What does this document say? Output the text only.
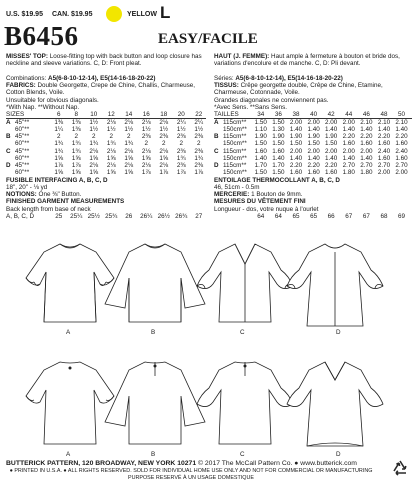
U.S. $19.95 CAN. $19.95	YELLOW L
B6456	EASY/FACILE
MISSES' TOP: Loose-fitting top with back button and loop closure has neckline and sleeve variations. C, D: Front pleat.
Combinations: A5(6-8-10-12-14), E5(14-16-18-20-22)
FABRICS: Double Georgette, Crepe de Chine, Challis, Charmeuse, Cotton Blends, Voile.
Unsuitable for obvious diagonals.
*With Nap. **Without Nap.
SIZES	6	8	10	12	14	16	18	20	22
A 45"**	1⅜	1⅜	1½	2⅛	2⅛	2⅛	2⅛	2¼	2¼
60"**	1¼	1⅜	1½	1½	1½	1½	1½	1½	1½
B 45"**	2	2	2	2	2	2⅜	2⅜	2⅜	2⅜
60"**	1¾	1¾	1¾	1¾	1¾	2	2	2	2
C 45"**	1¾	1¾	2⅛	2⅛	2⅛	2⅛	2⅛	2⅜	2⅜
60"**	1⅝	1⅝	1⅝	1⅝	1⅝	1⅝	1⅝	1¾	1¾
D 45"**	1⅞	1⅞	2⅛	2⅛	2⅛	2⅛	2⅛	2⅜	2⅜
60"**	1⅝	1⅝	1⅝	1⅝	1⅝	1⅞	1⅞	1⅞	1⅞
FUSIBLE INTERFACING A, B, C, D
18", 20" - ⅛ yd
NOTIONS: One ⅜" Button.
FINISHED GARMENT MEASUREMENTS
Back length from base of neck
A, B, C, D	25	25¼ 25½ 25¾	26	26¼ 26½ 26¾	27
HAUT (J. FEMME): Haut ample à fermeture à bouton et bride dos, variations d'encolure et de manche. C, D: Pli devant.
Séries: A5(6-8-10-12-14), E5(14-16-18-20-22)
TISSUS: Crêpe georgette double, Crêpe de Chine, Etamine, Charmeuse, Cotonnade, Voile.
Grandes diagonales ne conviennent pas.
*Avec Sens. **Sans Sens.
TAILLES	34	36	38	40	42	44	46	48	50
A 115cm**	1.50 1.50 2.00 2.00 2.00 2.00 2.10 2.10 2.10
150cm**	1.10 1.30 1.40 1.40 1.40 1.40 1.40 1.40 1.40
B 115cm**	1.90 1.90 1.90 1.90 1.90 2.20 2.20 2.20 2.20
150cm**	1.50 1.50 1.50 1.50 1.50 1.60 1.60 1.60 1.60
C 115cm**	1.60 1.60 2.00 2.00 2.00 2.00 2.00 2.40 2.40
150cm**	1.40 1.40 1.40 1.40 1.40 1.40 1.40 1.60 1.60
D 115cm**	1.70 1.70 2.20 2.20 2.20 2.70 2.70 2.70 2.70
150cm**	1.50 1.50 1.60 1.60 1.60 1.80 1.80 2.00 2.00
ENTOILAGE THERMOCOLLANT A, B, C, D
46, 51cm - 0.5m
MERCERIE: 1 Bouton de 9mm.
MESURES DU VÊTEMENT FINI
Longueur - dos, votre nuque à l'ourlet
64	64	65	65	66	67	67	68	69
A	B	C	D
A	B	C	D
BUTTERICK PATTERN, 120 BROADWAY, NEW YORK 10271 © 2017 The McCall Pattern Co. ● www.butterick.com
● PRINTED IN U.S.A. ● ALL RIGHTS RESERVED. SOLD FOR INDIVIDUAL HOME USE ONLY AND NOT FOR COMMERCIAL OR MANUFACTURING PURPOSE RESERVÉ À UN USAGE DOMESTIQUE
